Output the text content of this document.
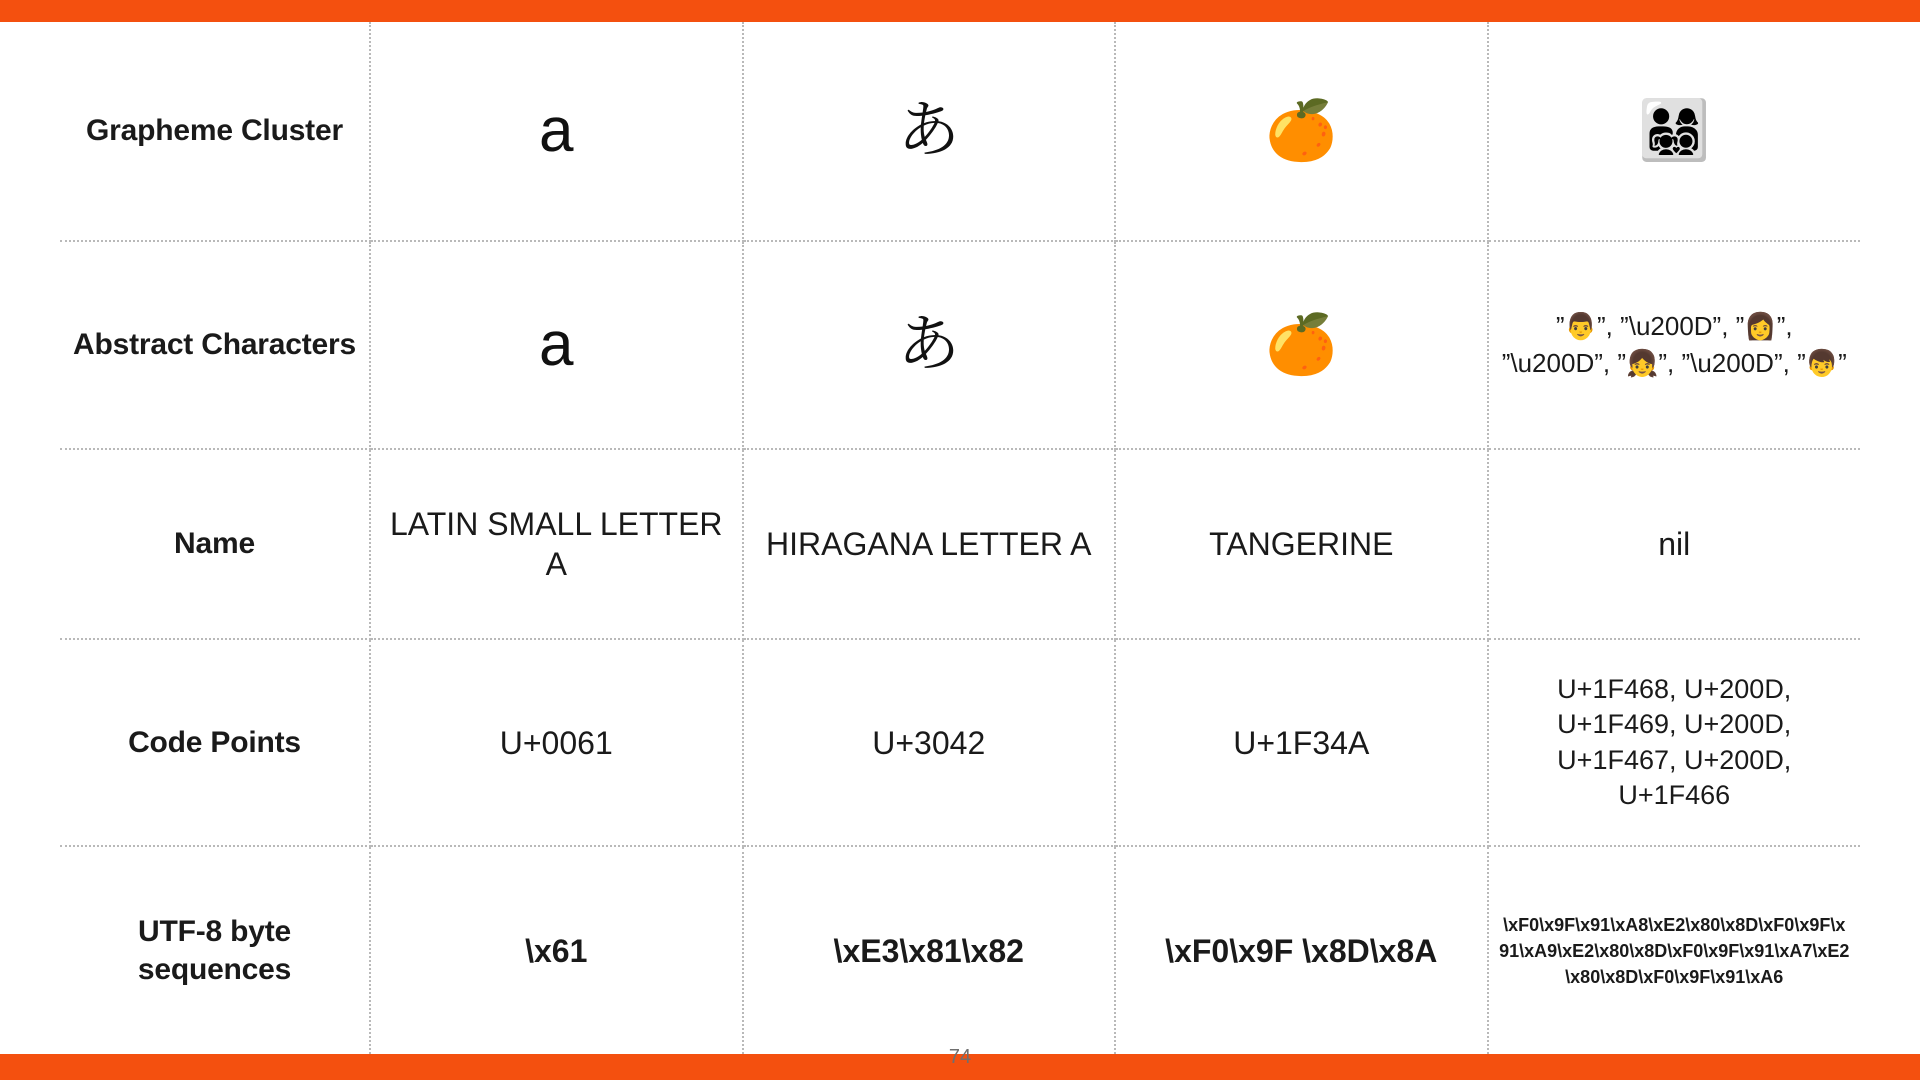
Grapheme Cluster	a	あ	🍊	👨‍👩‍👧‍👦
Abstract Characters	a	あ	🍊	”👨”, ”\u200D”, ”👩”, ”\u200D”, ”👧”, ”\u200D”, ”👦”
Name	LATIN SMALL LETTER A	HIRAGANA LETTER A	TANGERINE	nil
Code Points	U+0061	U+3042	U+1F34A	U+1F468, U+200D, U+1F469, U+200D, U+1F467, U+200D, U+1F466
UTF-8 byte sequences	\x61	\xE3\x81\x82	\xF0\x9F \x8D\x8A	\xF0\x9F\x91\xA8\xE2\x80\x8D\xF0\x9F\x91\xA9\xE2\x80\x8D\xF0\x9F\x91\xA7\xE2\x80\x8D\xF0\x9F\x91\xA6
74
